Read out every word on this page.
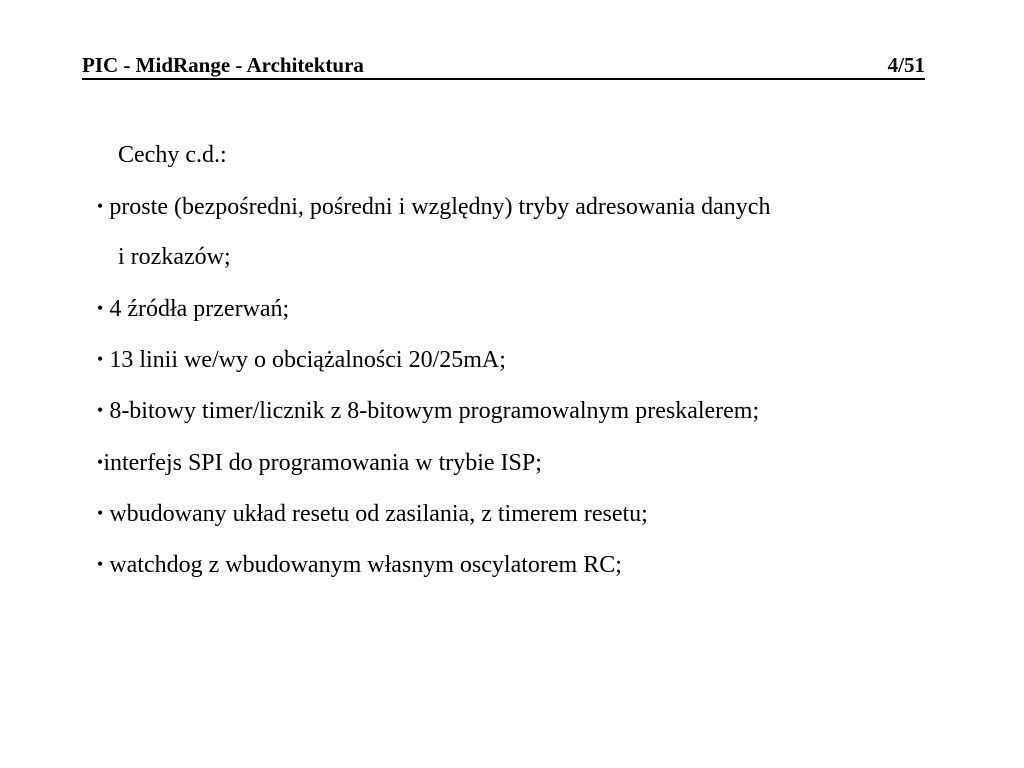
PIC - MidRange - Architektura	4/51
Cechy c.d.:
• proste (bezpośredni, pośredni i względny) tryby adresowania danych
i rozkazów;
• 4 źródła przerwań;
• 13 linii we/wy o obciążalności 20/25mA;
• 8-bitowy timer/licznik z 8-bitowym programowalnym preskalerem;
•interfejs SPI do programowania w trybie ISP;
• wbudowany układ resetu od zasilania, z timerem resetu;
• watchdog z wbudowanym własnym oscylatorem RC;
